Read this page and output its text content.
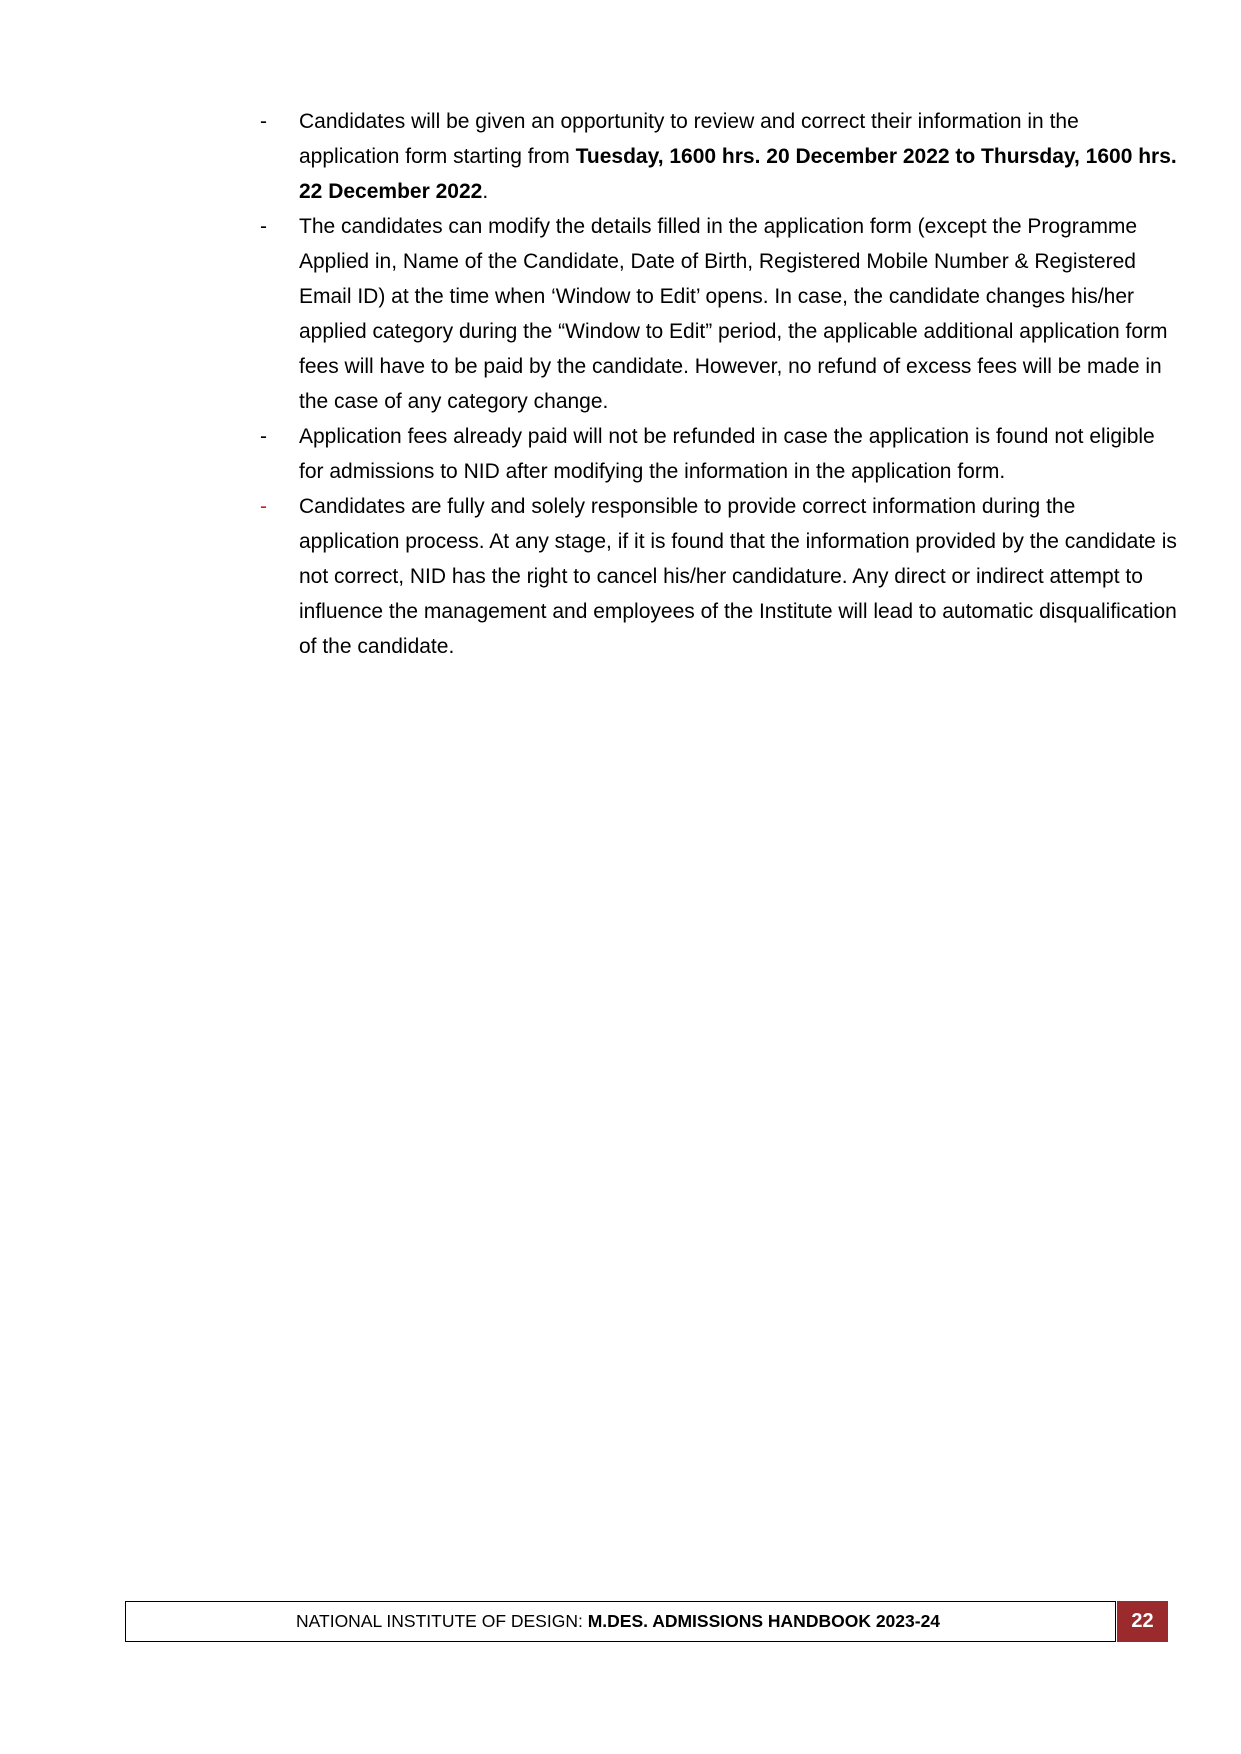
- Candidates will be given an opportunity to review and correct their information in the application form starting from Tuesday, 1600 hrs. 20 December 2022 to Thursday, 1600 hrs. 22 December 2022.

- The candidates can modify the details filled in the application form (except the Programme Applied in, Name of the Candidate, Date of Birth, Registered Mobile Number & Registered Email ID) at the time when ‘Window to Edit’ opens. In case, the candidate changes his/her applied category during the “Window to Edit” period, the applicable additional application form fees will have to be paid by the candidate. However, no refund of excess fees will be made in the case of any category change.

- Application fees already paid will not be refunded in case the application is found not eligible for admissions to NID after modifying the information in the application form.

- Candidates are fully and solely responsible to provide correct information during the application process. At any stage, if it is found that the information provided by the candidate is not correct, NID has the right to cancel his/her candidature. Any direct or indirect attempt to influence the management and employees of the Institute will lead to automatic disqualification of the candidate.

NATIONAL INSTITUTE OF DESIGN: M.DES. ADMISSIONS HANDBOOK 2023-24	22
